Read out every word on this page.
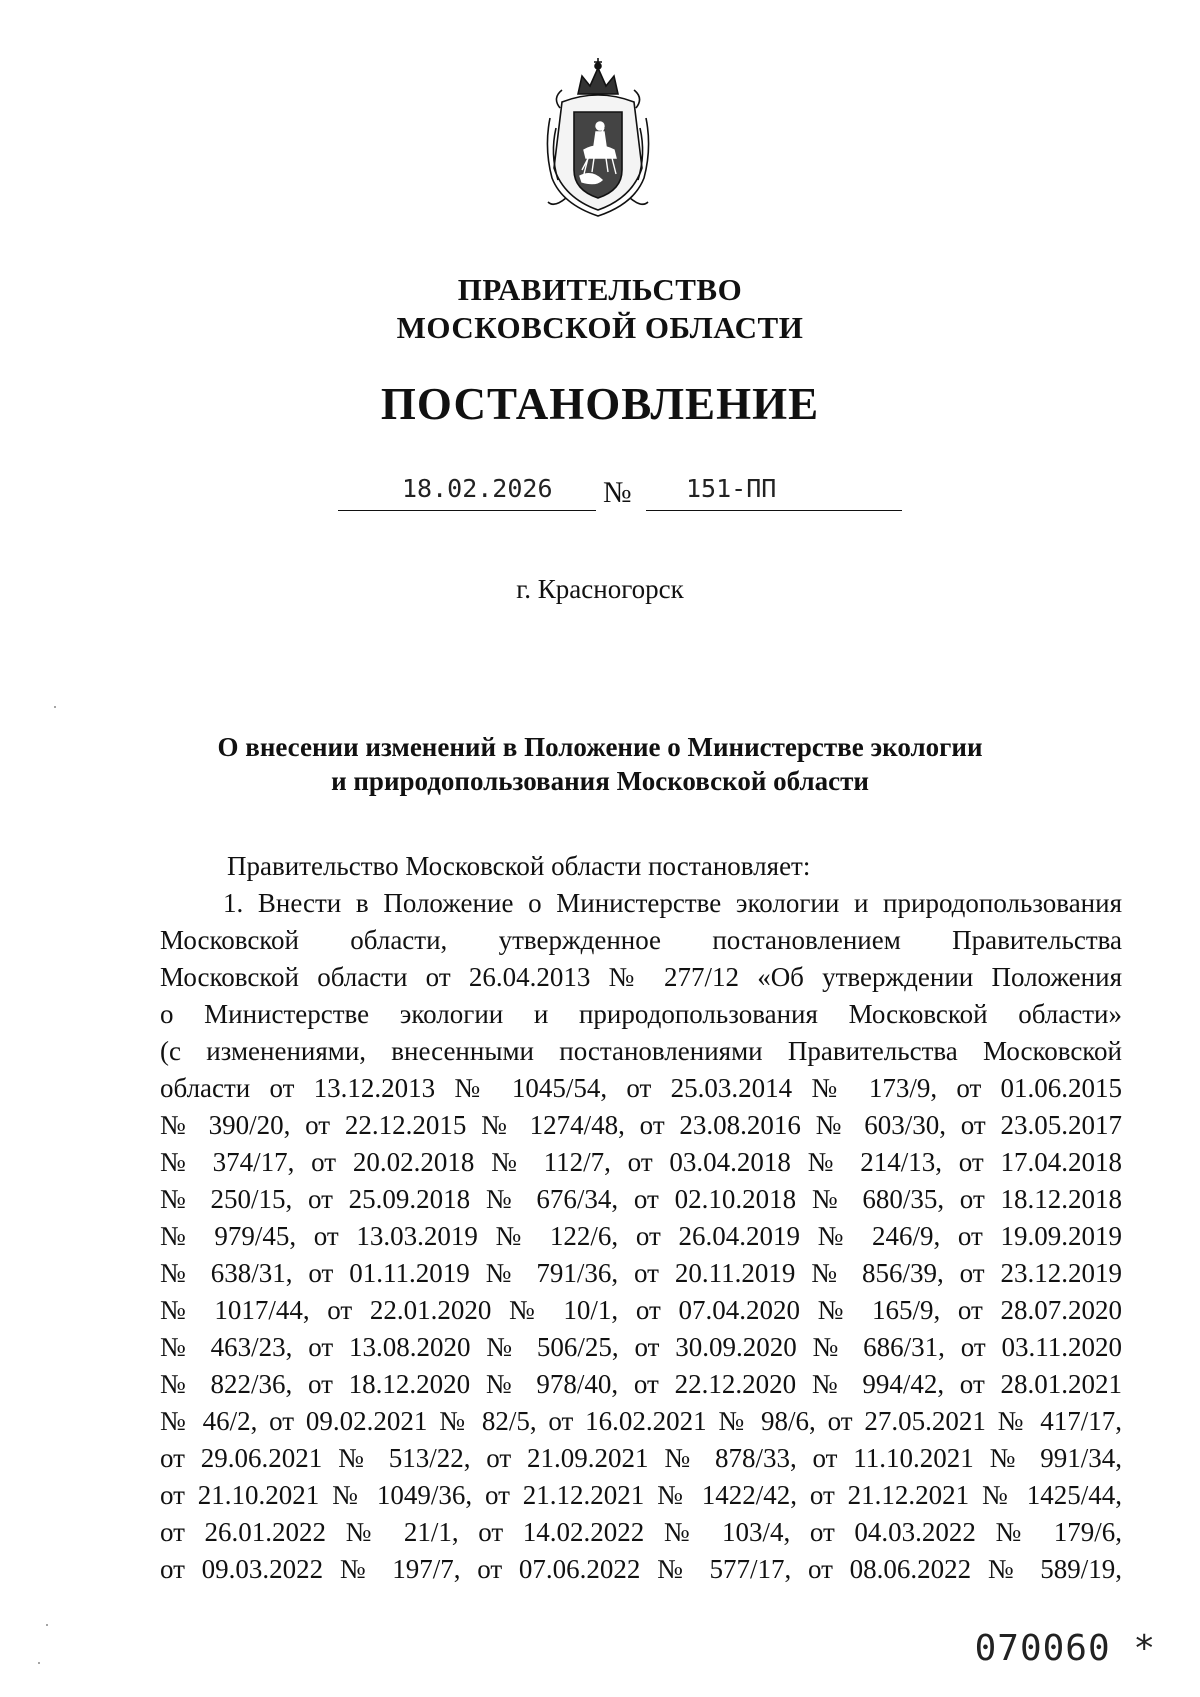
ПРАВИТЕЛЬСТВО
МОСКОВСКОЙ ОБЛАСТИ
ПОСТАНОВЛЕНИЕ
18.02.2026 № 151-ПП
г. Красногорск
О внесении изменений в Положение о Министерстве экологии
и природопользования Московской области
Правительство Московской области постановляет:
1. Внести в Положение о Министерстве экологии и природопользования
Московской области, утвержденное постановлением Правительства
Московской области от 26.04.2013 № 277/12 «Об утверждении Положения
о Министерстве экологии и природопользования Московской области»
(с изменениями, внесенными постановлениями Правительства Московской
области от 13.12.2013 № 1045/54, от 25.03.2014 № 173/9, от 01.06.2015
№ 390/20, от 22.12.2015 № 1274/48, от 23.08.2016 № 603/30, от 23.05.2017
№ 374/17, от 20.02.2018 № 112/7, от 03.04.2018 № 214/13, от 17.04.2018
№ 250/15, от 25.09.2018 № 676/34, от 02.10.2018 № 680/35, от 18.12.2018
№ 979/45, от 13.03.2019 № 122/6, от 26.04.2019 № 246/9, от 19.09.2019
№ 638/31, от 01.11.2019 № 791/36, от 20.11.2019 № 856/39, от 23.12.2019
№ 1017/44, от 22.01.2020 № 10/1, от 07.04.2020 № 165/9, от 28.07.2020
№ 463/23, от 13.08.2020 № 506/25, от 30.09.2020 № 686/31, от 03.11.2020
№ 822/36, от 18.12.2020 № 978/40, от 22.12.2020 № 994/42, от 28.01.2021
№ 46/2, от 09.02.2021 № 82/5, от 16.02.2021 № 98/6, от 27.05.2021 № 417/17,
от 29.06.2021 № 513/22, от 21.09.2021 № 878/33, от 11.10.2021 № 991/34,
от 21.10.2021 № 1049/36, от 21.12.2021 № 1422/42, от 21.12.2021 № 1425/44,
от 26.01.2022 № 21/1, от 14.02.2022 № 103/4, от 04.03.2022 № 179/6,
от 09.03.2022 № 197/7, от 07.06.2022 № 577/17, от 08.06.2022 № 589/19,
070060 *
